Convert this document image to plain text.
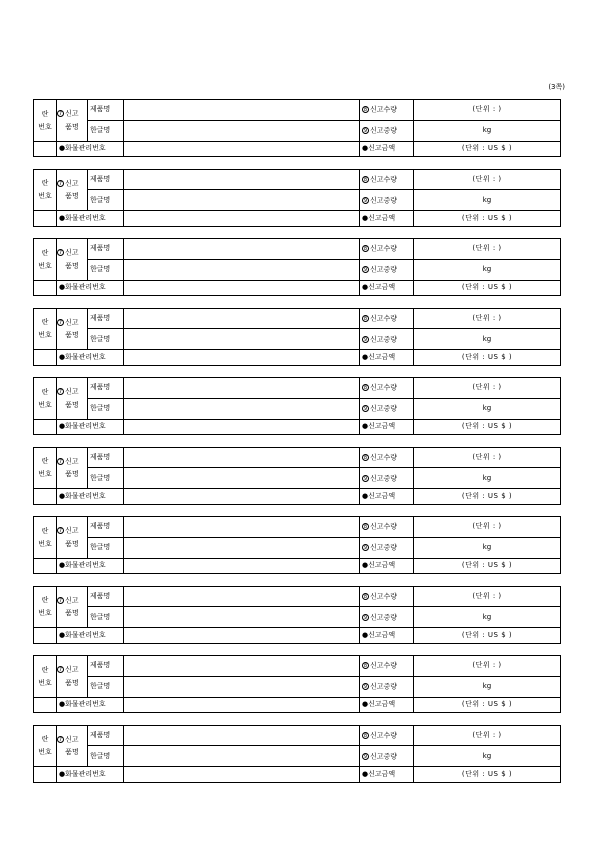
(3쪽)
란
번호	7 신고
품명	제품명		8 신고수량	(단위 : )
		한글명		9 신고중량	kg
	●화물관리번호			●신고금액	(단위 : US $ )
란
번호	7 신고
품명	제품명		8 신고수량	(단위 : )
		한글명		9 신고중량	kg
	●화물관리번호			●신고금액	(단위 : US $ )
란
번호	7 신고
품명	제품명		8 신고수량	(단위 : )
		한글명		9 신고중량	kg
	●화물관리번호			●신고금액	(단위 : US $ )
란
번호	7 신고
품명	제품명		8 신고수량	(단위 : )
		한글명		9 신고중량	kg
	●화물관리번호			●신고금액	(단위 : US $ )
란
번호	7 신고
품명	제품명		8 신고수량	(단위 : )
		한글명		9 신고중량	kg
	●화물관리번호			●신고금액	(단위 : US $ )
란
번호	7 신고
품명	제품명		8 신고수량	(단위 : )
		한글명		9 신고중량	kg
	●화물관리번호			●신고금액	(단위 : US $ )
란
번호	7 신고
품명	제품명		8 신고수량	(단위 : )
		한글명		9 신고중량	kg
	●화물관리번호			●신고금액	(단위 : US $ )
란
번호	7 신고
품명	제품명		8 신고수량	(단위 : )
		한글명		9 신고중량	kg
	●화물관리번호			●신고금액	(단위 : US $ )
란
번호	7 신고
품명	제품명		8 신고수량	(단위 : )
		한글명		9 신고중량	kg
	●화물관리번호			●신고금액	(단위 : US $ )
란
번호	7 신고
품명	제품명		8 신고수량	(단위 : )
		한글명		9 신고중량	kg
	●화물관리번호			●신고금액	(단위 : US $ )
